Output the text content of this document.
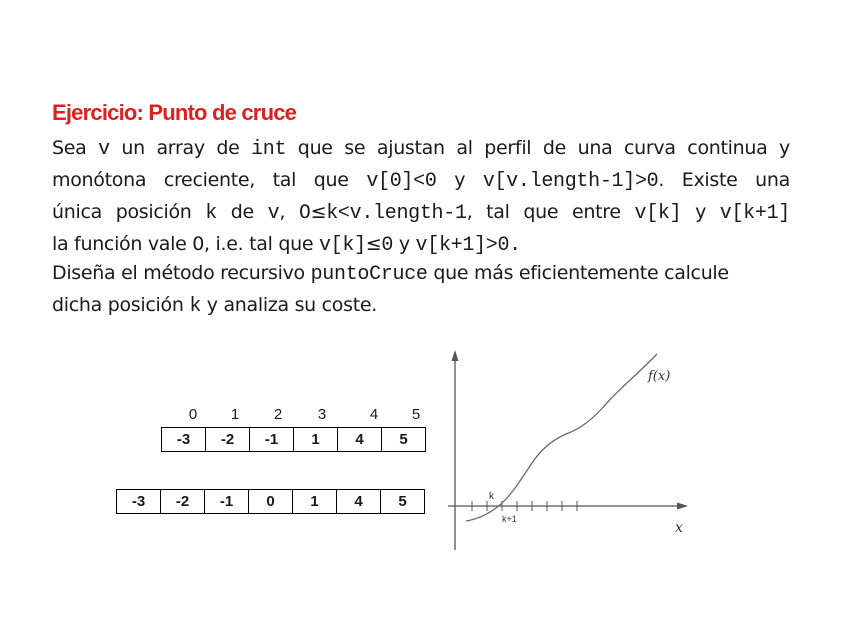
Ejercicio: Punto de cruce
Sea v un array de int que se ajustan al perfil de una curva continua y
monótona creciente, tal que v[0]<0 y v[v.length-1]>0. Existe una
única posición k de v, 0≤k<v.length-1, tal que entre v[k] y v[k+1]
la función vale 0, i.e. tal que v[k]≤0 y v[k+1]>0.
Diseña el método recursivo puntoCruce que más eficientemente calcule
dicha posición k y analiza su coste.
0	1	2	3	4	5
-3	-2	-1	1	4	5
-3	-2	-1	0	1	4	5
f(x)
x
k
k+1
